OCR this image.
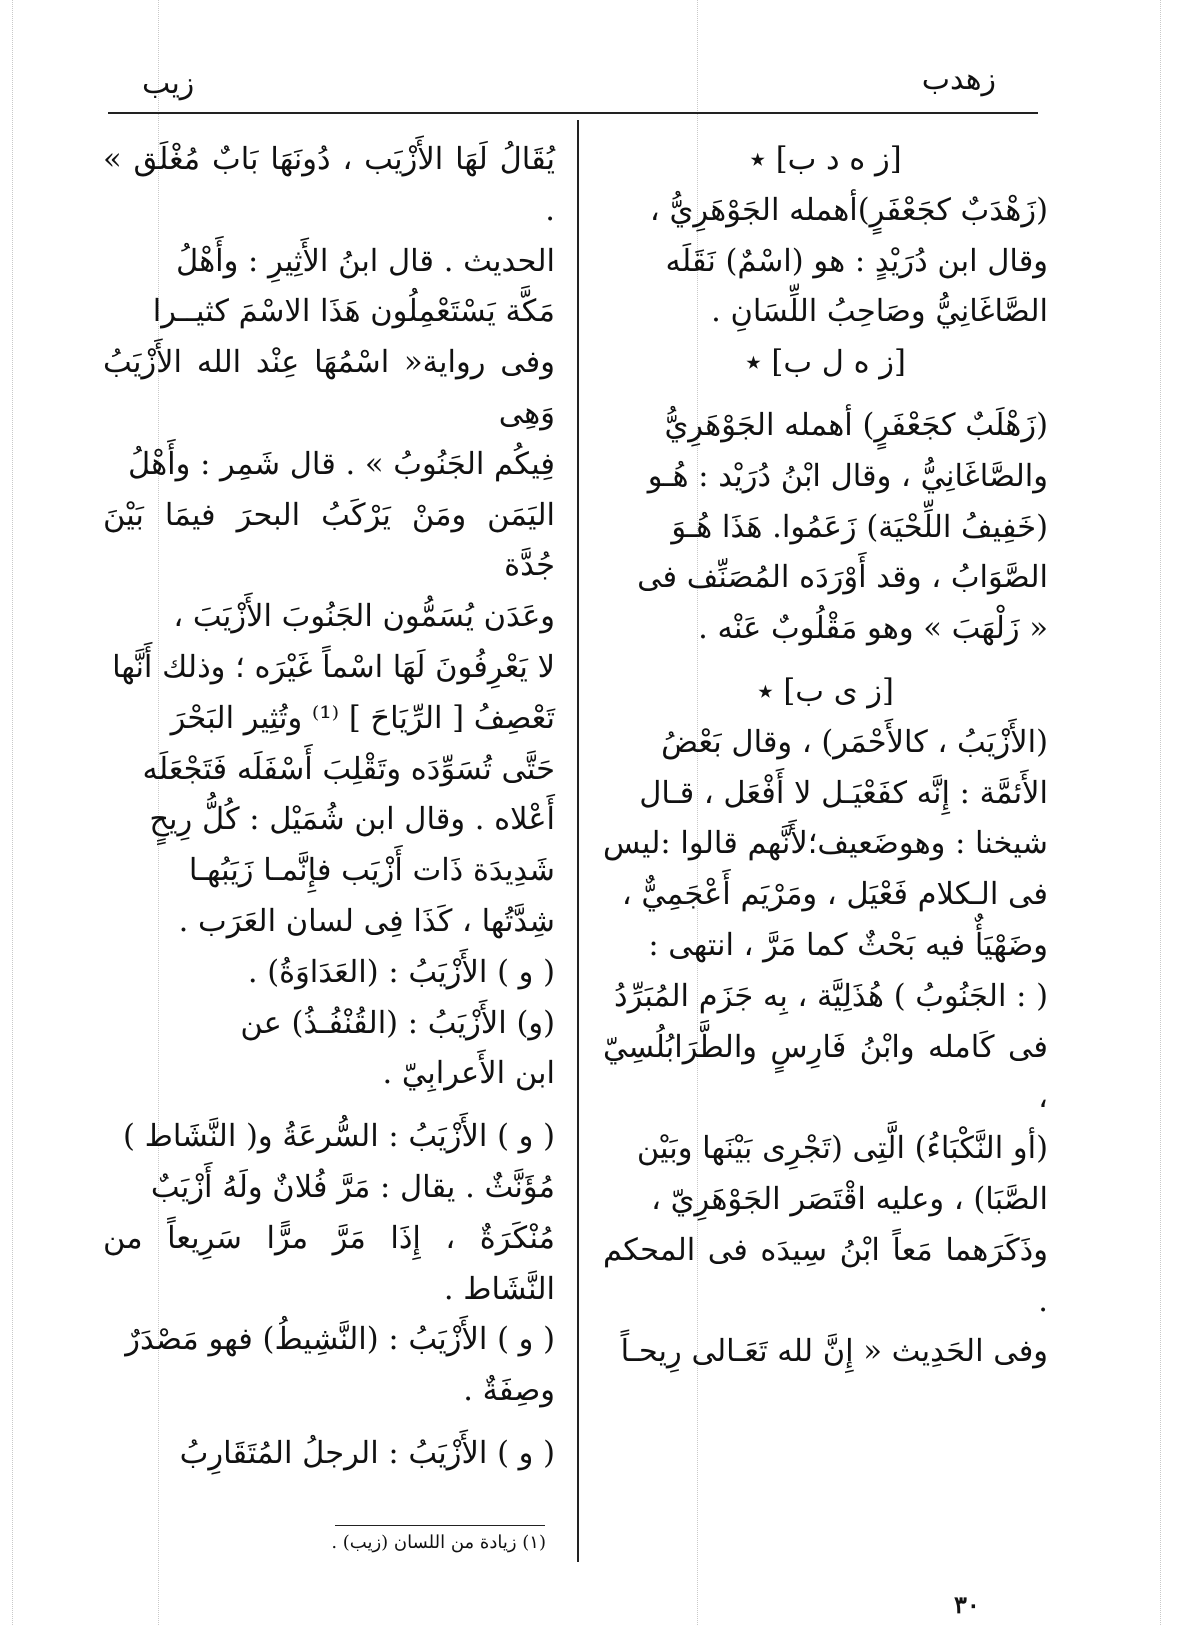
زهدب
زيب

[ز ه د ب] ٭

(زَهْدَبٌ كجَعْفَرٍ)أهمله الجَوْهَرِيُّ ،

وقال ابن دُرَيْدٍ : هو (اسْمٌ) نَقَلَه

الصَّاغَانِيُّ وصَاحِبُ اللِّسَانِ .

[ز ه ل ب] ٭

(زَهْلَبٌ كجَعْفَرٍ) أهمله الجَوْهَرِيُّ

والصَّاغَانِيُّ ، وقال ابْنُ دُرَيْد : هُـو

(خَفِيفُ اللِّحْيَة) زَعَمُوا. هَذَا هُـوَ

الصَّوَابُ ، وقد أَوْرَدَه المُصَنِّف فى

« زَلْهَبَ » وهو مَقْلُوبٌ عَنْه .

[ز ى ب] ٭

(الأَزْيَبُ ، كالأَحْمَر) ، وقال بَعْضُ

الأَئمَّة : إِنَّه كفَعْيَـل لا أَفْعَل ، قـال

شيخنا : وهوضَعيف؛لأَنَّهم قالوا :ليس

فى الـكلام فَعْيَل ، ومَرْيَم أَعْجَمِيٌّ ،

وضَهْيَأٌ فيه بَحْثٌ كما مَرَّ ، انتهى :

( : الجَنُوبُ ) هُذَلِيَّة ، بِه جَزَم المُبَرِّدُ

فى كَامله وابْنُ فَارِسٍ والطَّرَابُلُسِيّ ،

(أو النَّكْبَاءُ) الَّتِى (تَجْرِى بَيْنَها وبَيْن

الصَّبَا) ، وعليه اقْتَصَر الجَوْهَرِيّ ،

وذَكَرَهما مَعاً ابْنُ سِيدَه فى المحكم .

وفى الحَدِيث « إِنَّ لله تَعَـالى رِيحـاً

يُقَالُ لَهَا الأَزْيَب ، دُونَهَا بَابٌ مُغْلَق » .

الحديث . قال ابنُ الأَثِيرِ : وأَهْلُ

مَكَّة يَسْتَعْمِلُون هَذَا الاسْمَ كثيــرا

وفى رواية« اسْمُهَا عِنْد الله الأَزْيَبُ وَهِى

فِيكُم الجَنُوبُ » . قال شَمِر : وأَهْلُ

اليَمَن ومَنْ يَرْكَبُ البحرَ فيمَا بَيْنَ جُدَّة

وعَدَن يُسَمُّون الجَنُوبَ الأَزْيَبَ ،

لا يَعْرِفُونَ لَهَا اسْماً غَيْرَه ؛ وذلك أَنَّها

تَعْصِفُ [ الرِّيَاحَ ] ⁽¹⁾ وتُثِير البَحْرَ

حَتَّى تُسَوِّدَه وتَقْلِبَ أَسْفَلَه فَتَجْعَلَه

أَعْلاه . وقال ابن شُمَيْل : كُلُّ رِيحٍ

شَدِيدَة ذَات أَزْيَب فإِنَّمـا زَيَبُهـا

شِدَّتُها ، كَذَا فِى لسان العَرَب .

( و ) الأَزْيَبُ : (العَدَاوَةُ) .

(و) الأَزْيَبُ : (القُنْفُـذُ) عن

ابن الأَعرابِيّ .

( و ) الأَزْيَبُ : السُّرعَةُ و( النَّشَاط )

مُؤَنَّثٌ . يقال : مَرَّ فُلانٌ ولَهُ أَزْيَبٌ

مُنْكَرَةٌ ، إِذَا مَرَّ مرًّا سَرِيعاً من النَّشَاط .

( و ) الأَزْيَبُ : (النَّشِيطُ) فهو مَصْدَرٌ

وصِفَةٌ .

( و ) الأَزْيَبُ : الرجلُ المُتَقَارِبُ

(١) زيادة من اللسان (زيب) .
٣٠
